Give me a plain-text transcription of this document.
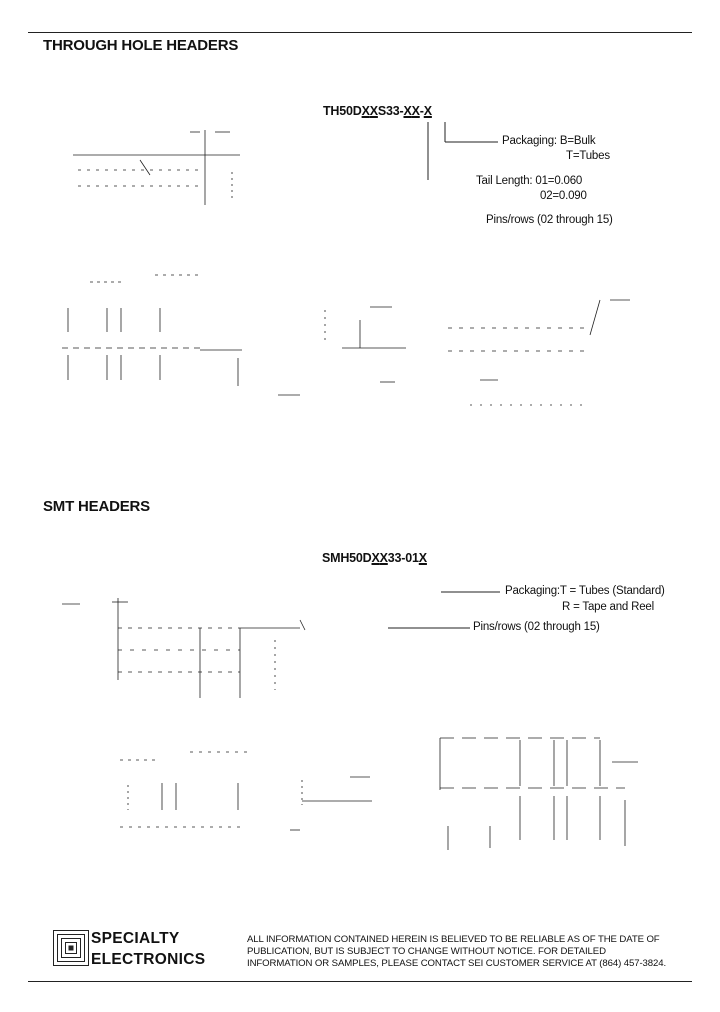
THROUGH HOLE HEADERS
TH50DXXS33-XX-X
Packaging: B=Bulk
T=Tubes
Tail Length: 01=0.060
02=0.090
Pins/rows (02 through 15)
SMT HEADERS
SMH50DXX33-01X
Packaging:T = Tubes (Standard)
R = Tape and Reel
Pins/rows (02 through 15)
SPECIALTY
ELECTRONICS
ALL INFORMATION CONTAINED HEREIN IS BELIEVED TO BE RELIABLE AS OF THE DATE OF
PUBLICATION, BUT IS SUBJECT TO CHANGE WITHOUT NOTICE. FOR DETAILED
INFORMATION OR SAMPLES, PLEASE CONTACT SEI CUSTOMER SERVICE AT (864) 457-3824.
